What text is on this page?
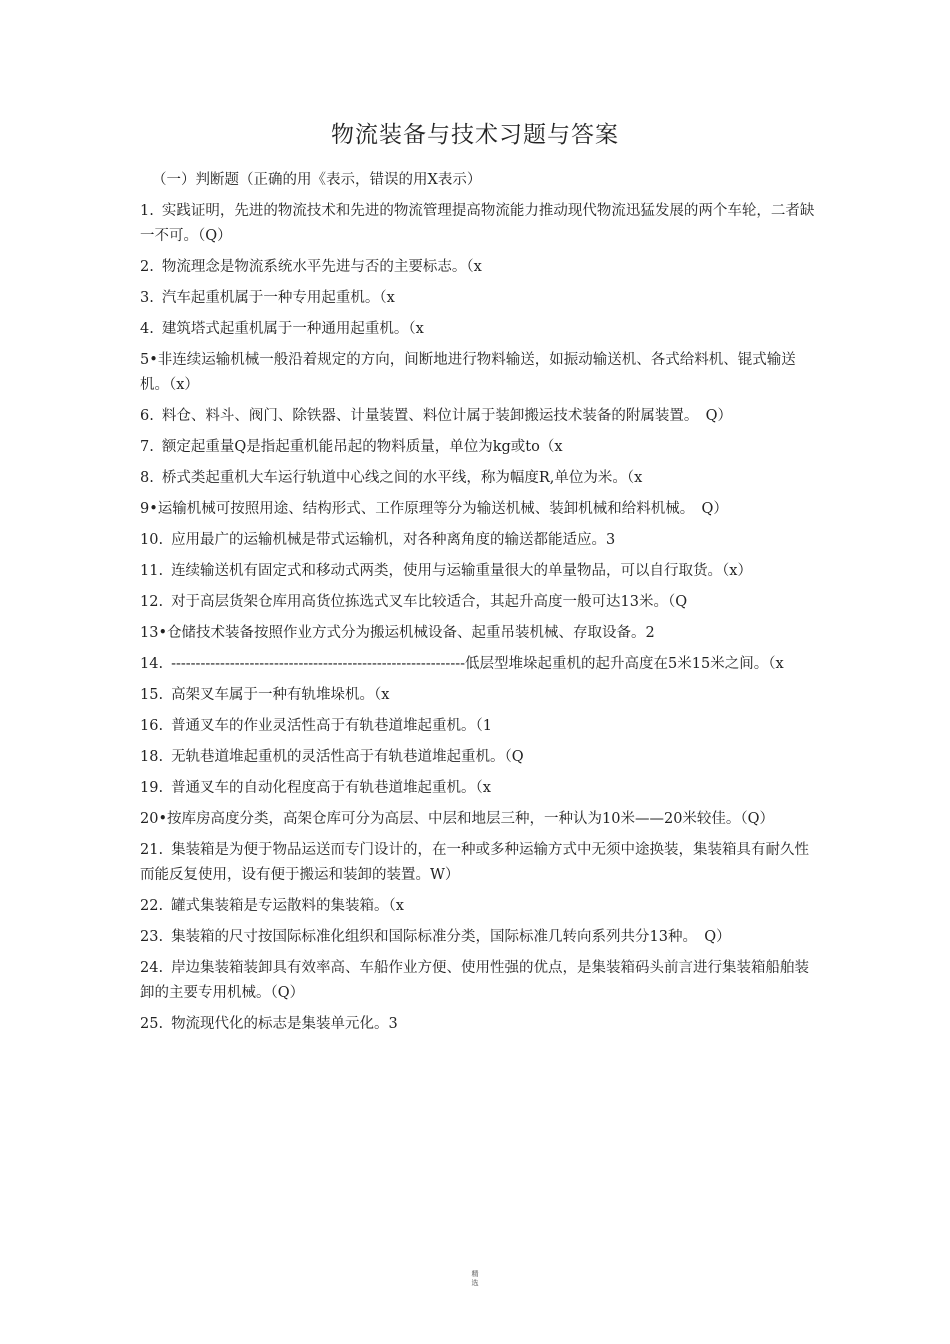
物流装备与技术习题与答案
（一）判断题（正确的用《表示，错误的用X表示）
1. 实践证明，先进的物流技术和先进的物流管理提高物流能力推动现代物流迅猛发展的两个车轮，二者缺一不可。（Q）
2. 物流理念是物流系统水平先进与否的主要标志。（x
3. 汽车起重机属于一种专用起重机。（x
4. 建筑塔式起重机属于一种通用起重机。（x
5•非连续运输机械一般沿着规定的方向，间断地进行物料输送，如振动输送机、各式给料机、锟式输送机。（x）
6. 料仓、料斗、阀门、除铁器、计量装置、料位计属于装卸搬运技术装备的附属装置。　Q）
7. 额定起重量Q是指起重机能吊起的物料质量，单位为kg或to（x
8. 桥式类起重机大车运行轨道中心线之间的水平线，称为幅度R,单位为米。（x
9•运输机械可按照用途、结构形式、工作原理等分为输送机械、装卸机械和给料机械。　Q）
10. 应用最广的运输机械是带式运输机，对各种离角度的输送都能适应。3
11. 连续输送机有固定式和移动式两类，使用与运输重量很大的单量物品，可以自行取货。（x）
12. 对于高层货架仓库用高货位拣选式叉车比较适合，其起升高度一般可达13米。（Q
13•仓储技术装备按照作业方式分为搬运机械设备、起重吊装机械、存取设备。2
14. ------------------------------------------------------------低层型堆垛起重机的起升高度在5米15米之间。（x
15. 高架叉车属于一种有轨堆垛机。（x
16. 普通叉车的作业灵活性高于有轨巷道堆起重机。（1
18. 无轨巷道堆起重机的灵活性高于有轨巷道堆起重机。（Q
19. 普通叉车的自动化程度高于有轨巷道堆起重机。（x
20•按库房高度分类，高架仓库可分为高层、中层和地层三种，一种认为10米——20米较佳。（Q）
21. 集装箱是为便于物品运送而专门设计的，在一种或多种运输方式中无须中途换装，集装箱具有耐久性而能反复使用，设有便于搬运和装卸的装置。W）
22. 罐式集装箱是专运散料的集装箱。（x
23. 集装箱的尺寸按国际标准化组织和国际标准分类，国际标准几转向系列共分13种。　Q）
24. 岸边集装箱装卸具有效率高、车船作业方便、使用性强的优点，是集装箱码头前言进行集装箱船舶装卸的主要专用机械。（Q）
25. 物流现代化的标志是集装单元化。3
精
选
